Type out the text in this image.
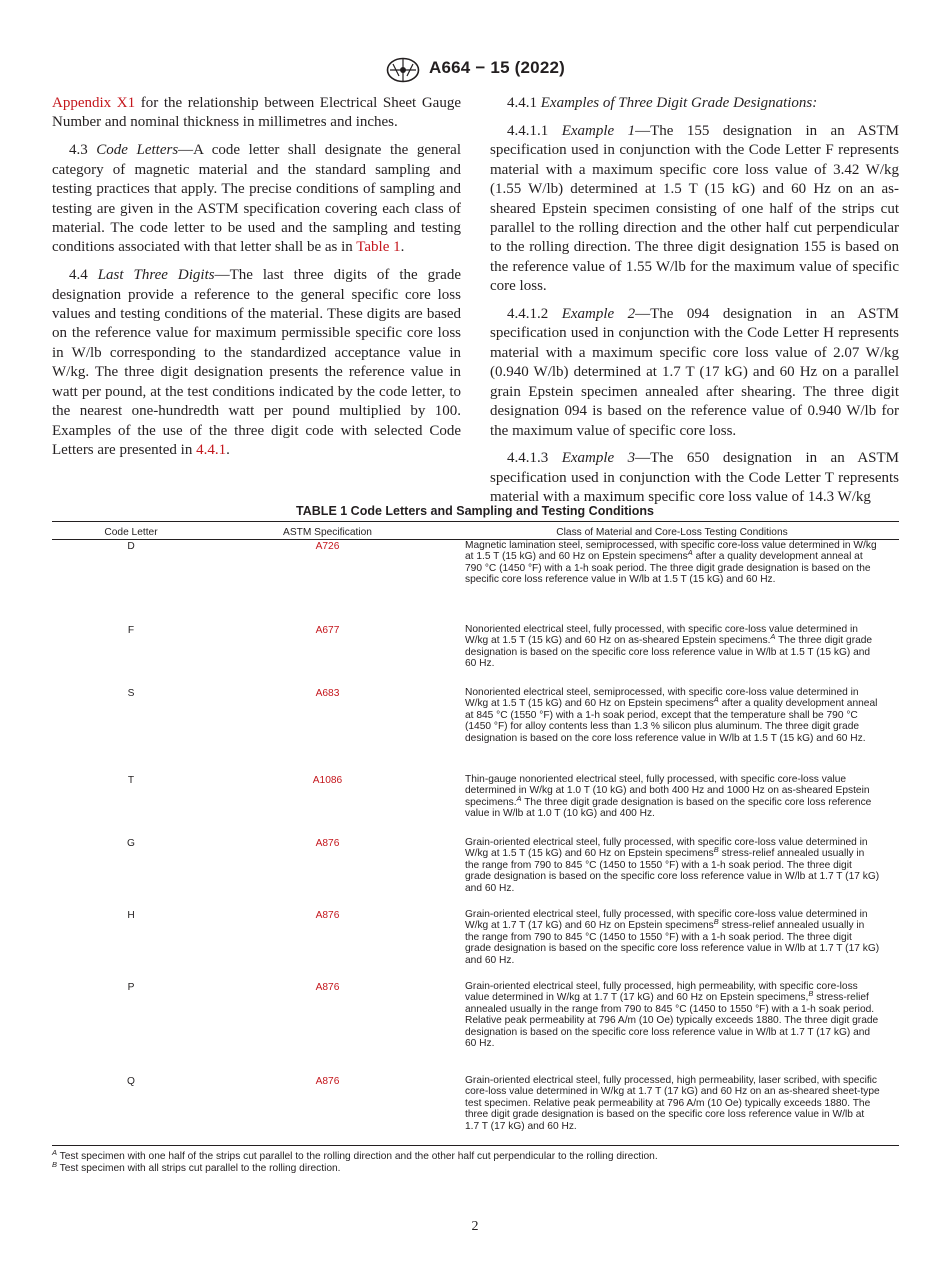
A664 − 15 (2022)

Appendix X1 for the relationship between Electrical Sheet Gauge Number and nominal thickness in millimetres and inches.

4.3 Code Letters—A code letter shall designate the general category of magnetic material and the standard sampling and testing practices that apply. The precise conditions of sampling and testing are given in the ASTM specification covering each class of material. The code letter to be used and the sampling and testing conditions associated with that letter shall be as in Table 1.

4.4 Last Three Digits—The last three digits of the grade designation provide a reference to the general specific core loss values and testing conditions of the material. These digits are based on the reference value for maximum permissible specific core loss in W/lb corresponding to the standardized acceptance value in W/kg. The three digit designation presents the reference value in watt per pound, at the test conditions indicated by the code letter, to the nearest one-hundredth watt per pound multiplied by 100. Examples of the use of the three digit code with selected Code Letters are presented in 4.4.1.

4.4.1 Examples of Three Digit Grade Designations:

4.4.1.1 Example 1—The 155 designation in an ASTM specification used in conjunction with the Code Letter F represents material with a maximum specific core loss value of 3.42 W/kg (1.55 W/lb) determined at 1.5 T (15 kG) and 60 Hz on an as-sheared Epstein specimen consisting of one half of the strips cut parallel to the rolling direction and the other half cut perpendicular to the rolling direction. The three digit designation 155 is based on the reference value of 1.55 W/lb for the maximum value of specific core loss.

4.4.1.2 Example 2—The 094 designation in an ASTM specification used in conjunction with the Code Letter H represents material with a maximum specific core loss value of 2.07 W/kg (0.940 W/lb) determined at 1.7 T (17 kG) and 60 Hz on a parallel grain Epstein specimen annealed after shearing. The three digit designation 094 is based on the reference value of 0.940 W/lb for the maximum value of specific core loss.

4.4.1.3 Example 3—The 650 designation in an ASTM specification used in conjunction with the Code Letter T represents material with a maximum specific core loss value of 14.3 W/kg

TABLE 1 Code Letters and Sampling and Testing Conditions
Code Letter	ASTM Specification	Class of Material and Core-Loss Testing Conditions
D	A726	Magnetic lamination steel, semiprocessed, with specific core-loss value determined in W/kg at 1.5 T (15 kG) and 60 Hz on Epstein specimens$^A$ after a quality development anneal at 790 °C (1450 °F) with a 1-h soak period. The three digit grade designation is based on the specific core loss reference value in W/lb at 1.5 T (15 kG) and 60 Hz.
F	A677	Nonoriented electrical steel, fully processed, with specific core-loss value determined in W/kg at 1.5 T (15 kG) and 60 Hz on as-sheared Epstein specimens.$^A$ The three digit grade designation is based on the specific core loss reference value in W/lb at 1.5 T (15 kG) and 60 Hz.
S	A683	Nonoriented electrical steel, semiprocessed, with specific core-loss value determined in W/kg at 1.5 T (15 kG) and 60 Hz on Epstein specimens$^A$ after a quality development anneal at 845 °C (1550 °F) with a 1-h soak period, except that the temperature shall be 790 °C (1450 °F) for alloy contents less than 1.3 % silicon plus aluminum. The three digit grade designation is based on the core loss reference value in W/lb at 1.5 T (15 kG) and 60 Hz.
T	A1086	Thin-gauge nonoriented electrical steel, fully processed, with specific core-loss value determined in W/kg at 1.0 T (10 kG) and both 400 Hz and 1000 Hz on as-sheared Epstein specimens.$^A$ The three digit grade designation is based on the specific core loss reference value in W/lb at 1.0 T (10 kG) and 400 Hz.
G	A876	Grain-oriented electrical steel, fully processed, with specific core-loss value determined in W/kg at 1.5 T (15 kG) and 60 Hz on Epstein specimens$^B$ stress-relief annealed usually in the range from 790 to 845 °C (1450 to 1550 °F) with a 1-h soak period. The three digit grade designation is based on the specific core loss reference value in W/lb at 1.7 T (17 kG) and 60 Hz.
H	A876	Grain-oriented electrical steel, fully processed, with specific core-loss value determined in W/kg at 1.7 T (17 kG) and 60 Hz on Epstein specimens$^B$ stress-relief annealed usually in the range from 790 to 845 °C (1450 to 1550 °F) with a 1-h soak period. The three digit grade designation is based on the specific core loss reference value in W/lb at 1.7 T (17 kG) and 60 Hz.
P	A876	Grain-oriented electrical steel, fully processed, high permeability, with specific core-loss value determined in W/kg at 1.7 T (17 kG) and 60 Hz on Epstein specimens,$^B$ stress-relief annealed usually in the range from 790 to 845 °C (1450 to 1550 °F) with a 1-h soak period. Relative peak permeability at 796 A/m (10 Oe) typically exceeds 1880. The three digit grade designation is based on the specific core loss reference value in W/lb at 1.7 T (17 kG) and 60 Hz.
Q	A876	Grain-oriented electrical steel, fully processed, high permeability, laser scribed, with specific core-loss value determined in W/kg at 1.7 T (17 kG) and 60 Hz on an as-sheared sheet-type test specimen. Relative peak permeability at 796 A/m (10 Oe) typically exceeds 1880. The three digit grade designation is based on the specific core loss reference value in W/lb at 1.7 T (17 kG) and 60 Hz.
$^A$ Test specimen with one half of the strips cut parallel to the rolling direction and the other half cut perpendicular to the rolling direction.
$^B$ Test specimen with all strips cut parallel to the rolling direction.
2
